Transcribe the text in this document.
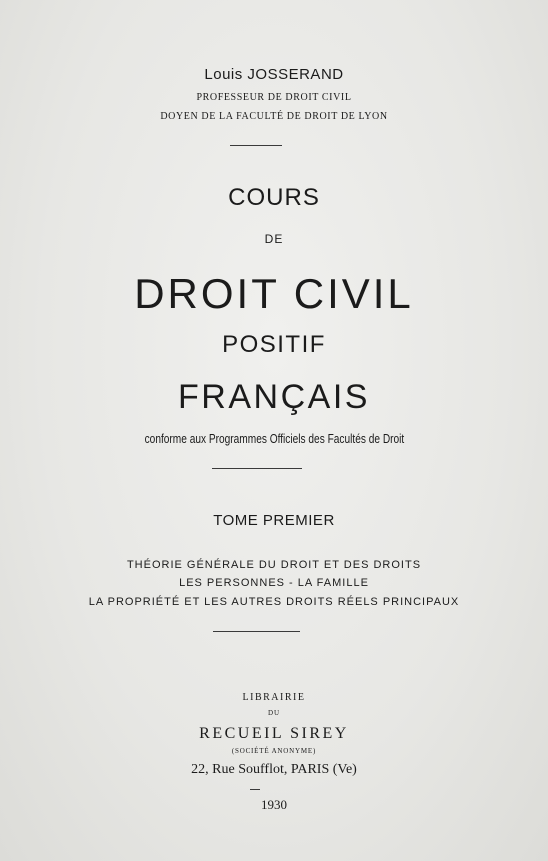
Louis JOSSERAND

PROFESSEUR DE DROIT CIVIL

DOYEN DE LA FACULTÉ DE DROIT DE LYON

COURS

DE

DROIT CIVIL

POSITIF

FRANÇAIS

conforme aux Programmes Officiels des Facultés de Droit

TOME PREMIER

THÉORIE GÉNÉRALE DU DROIT ET DES DROITS

LES PERSONNES - LA FAMILLE

LA PROPRIÉTÉ ET LES AUTRES DROITS RÉELS PRINCIPAUX

LIBRAIRIE

DU

RECUEIL SIREY

(SOCIÉTÉ ANONYME)

22, Rue Soufflot, PARIS (Ve)

1930
